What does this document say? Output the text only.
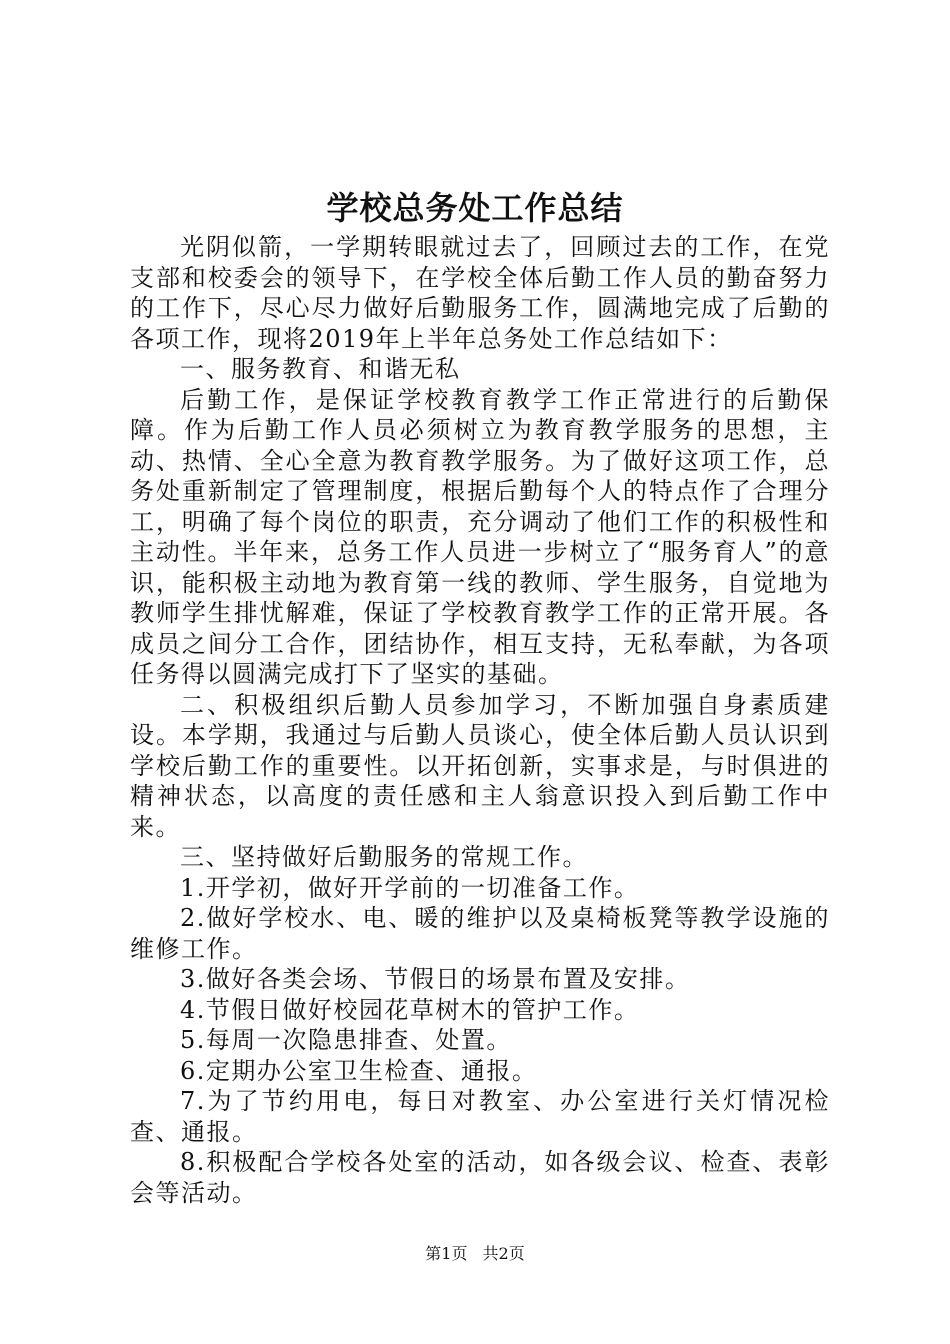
学校总务处工作总结

光阴似箭，一学期转眼就过去了，回顾过去的工作，在党支部和校委会的领导下，在学校全体后勤工作人员的勤奋努力的工作下，尽心尽力做好后勤服务工作，圆满地完成了后勤的各项工作，现将2019年上半年总务处工作总结如下：

一、服务教育、和谐无私

后勤工作，是保证学校教育教学工作正常进行的后勤保障。作为后勤工作人员必须树立为教育教学服务的思想，主动、热情、全心全意为教育教学服务。为了做好这项工作，总务处重新制定了管理制度，根据后勤每个人的特点作了合理分工，明确了每个岗位的职责，充分调动了他们工作的积极性和主动性。半年来，总务工作人员进一步树立了“服务育人”的意识，能积极主动地为教育第一线的教师、学生服务，自觉地为教师学生排忧解难，保证了学校教育教学工作的正常开展。各成员之间分工合作，团结协作，相互支持，无私奉献，为各项任务得以圆满完成打下了坚实的基础。

二、积极组织后勤人员参加学习，不断加强自身素质建设。本学期，我通过与后勤人员谈心，使全体后勤人员认识到学校后勤工作的重要性。以开拓创新，实事求是，与时俱进的精神状态，以高度的责任感和主人翁意识投入到后勤工作中来。

三、坚持做好后勤服务的常规工作。

1.开学初，做好开学前的一切准备工作。

2.做好学校水、电、暖的维护以及桌椅板凳等教学设施的维修工作。

3.做好各类会场、节假日的场景布置及安排。

4.节假日做好校园花草树木的管护工作。

5.每周一次隐患排查、处置。

6.定期办公室卫生检查、通报。

7.为了节约用电，每日对教室、办公室进行关灯情况检查、通报。

8.积极配合学校各处室的活动，如各级会议、检查、表彰会等活动。

第1页 共2页
